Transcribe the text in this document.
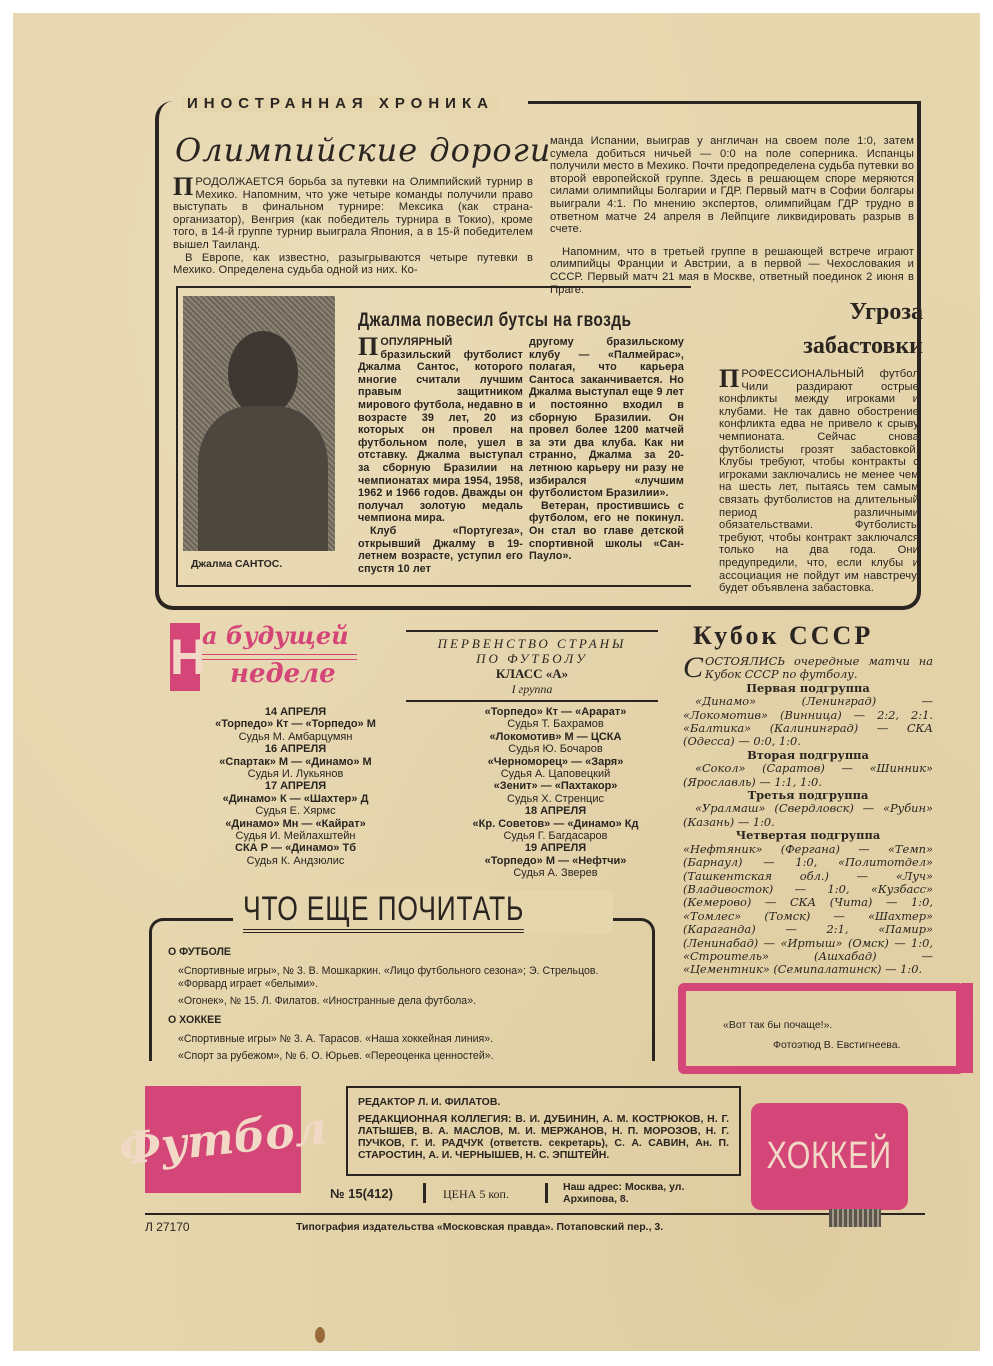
ИНОСТРАННАЯ ХРОНИКА
Олимпийские дороги
ПРОДОЛЖАЕТСЯ борьба за путевки на Олимпийский турнир в Мехико. Напомним, что уже четыре команды получили право выступать в финальном турнире: Мексика (как страна-организатор), Венгрия (как победитель турнира в Токио), кроме того, в 14-й группе турнир выиграла Япония, а в 15-й победителем вышел Таиланд.
В Европе, как известно, разыгрываются четыре путевки в Мехико. Определена судьба одной из них. Ко-
манда Испании, выиграв у англичан на своем поле 1:0, затем сумела добиться ничьей — 0:0 на поле соперника. Испанцы получили место в Мехико. Почти предопределена судьба путевки во второй европейской группе. Здесь в решающем споре меряются силами олимпийцы Болгарии и ГДР. Первый матч в Софии болгары выиграли 4:1. По мнению экспертов, олимпийцам ГДР трудно в ответном матче 24 апреля в Лейпциге ликвидировать разрыв в счете.
Напомним, что в третьей группе в решающей встрече играют олимпийцы Франции и Австрии, а в первой — Чехословакия и СССР. Первый матч 21 мая в Москве, ответный поединок 2 июня в Праге.
Джалма САНТОС.
Джалма повесил бутсы на гвоздь
ПОПУЛЯРНЫЙ бразильский футболист Джалма Сантос, которого многие считали лучшим правым защитником мирового футбола, недавно в возрасте 39 лет, 20 из которых он провел на футбольном поле, ушел в отставку. Джалма выступал за сборную Бразилии на чемпионатах мира 1954, 1958, 1962 и 1966 годов. Дважды он получал золотую медаль чемпиона мира.
Клуб «Португеза», открывший Джалму в 19-летнем возрасте, уступил его спустя 10 лет
другому бразильскому клубу — «Палмейрас», полагая, что карьера Сантоса заканчивается. Но Джалма выступал еще 9 лет и постоянно входил в сборную Бразилии. Он провел более 1200 матчей за эти два клуба. Как ни странно, Джалма за 20-летнюю карьеру ни разу не избирался «лучшим футболистом Бразилии».
Ветеран, простившись с футболом, его не покинул. Он стал во главе детской спортивной школы «Сан-Пауло».
Угроза
забастовки
ПРОФЕССИОНАЛЬНЫЙ футбол Чили раздирают острые конфликты между игроками и клубами. Не так давно обострение конфликта едва не привело к срыву чемпионата. Сейчас снова футболисты грозят забастовкой. Клубы требуют, чтобы контракты с игроками заключались не менее чем на шесть лет, пытаясь тем самым связать футболистов на длительный период различными обязательствами. Футболисты требуют, чтобы контракт заключался только на два года. Они предупредили, что, если клубы и ассоциация не пойдут им навстречу, будет объявлена забастовка.
Н
а будущей
неделе
ПЕРВЕНСТВО СТРАНЫ
ПО ФУТБОЛУ
КЛАСС «А»
I группа
14 АПРЕЛЯ
«Торпедо» Кт — «Торпедо» М
Судья М. Амбарцумян
16 АПРЕЛЯ
«Спартак» М — «Динамо» М
Судья И. Лукьянов
17 АПРЕЛЯ
«Динамо» К — «Шахтер» Д
Судья Е. Хярмс
«Динамо» Мн — «Кайрат»
Судья И. Мейлахштейн
СКА Р — «Динамо» Тб
Судья К. Андзюлис
«Торпедо» Кт — «Арарат»
Судья Т. Бахрамов
«Локомотив» М — ЦСКА
Судья Ю. Бочаров
«Черноморец» — «Заря»
Судья А. Цаповецкий
«Зенит» — «Пахтакор»
Судья Х. Стренцис
18 АПРЕЛЯ
«Кр. Советов» — «Динамо» Кд
Судья Г. Багдасаров
19 АПРЕЛЯ
«Торпедо» М — «Нефтчи»
Судья А. Зверев
Кубок СССР
СОСТОЯЛИСЬ очередные матчи на Кубок СССР по футболу.
Первая подгруппа
«Динамо» (Ленинград) — «Локомотив» (Винница) — 2:2, 2:1. «Балтика» (Калининград) — СКА (Одесса) — 0:0, 1:0.
Вторая подгруппа
«Сокол» (Саратов) — «Шинник» (Ярославль) — 1:1, 1:0.
Третья подгруппа
«Уралмаш» (Свердловск) — «Рубин» (Казань) — 1:0.
Четвертая подгруппа
«Нефтяник» (Фергана) — «Темп» (Барнаул) — 1:0, «Политотдел» (Ташкентская обл.) — «Луч» (Владивосток) — 1:0, «Кузбасс» (Кемерово) — СКА (Чита) — 1:0, «Томлес» (Томск) — «Шахтер» (Караганда) — 2:1, «Памир» (Ленинабад) — «Иртыш» (Омск) — 1:0, «Строитель» (Ашхабад) — «Цементник» (Семипалатинск) — 1:0.
ЧТО ЕЩЕ ПОЧИТАТЬ
О ФУТБОЛЕ
«Спортивные игры», № 3. В. Мошкаркин. «Лицо футбольного сезона»; Э. Стрельцов. «Форвард играет «белыми».
«Огонек», № 15. Л. Филатов. «Иностранные дела футбола».
О ХОККЕЕ
«Спортивные игры» № 3. А. Тарасов. «Наша хоккейная линия».
«Спорт за рубежом», № 6. О. Юрьев. «Переоценка ценностей».
«Вот так бы почаще!».
Фотоэтюд В. Евстигнеева.
Футбол	ХОККЕЙ
РЕДАКТОР Л. И. ФИЛАТОВ.
РЕДАКЦИОННАЯ КОЛЛЕГИЯ: В. И. ДУБИНИН, А. М. КОСТРЮКОВ, Н. Г. ЛАТЫШЕВ, В. А. МАСЛОВ, М. И. МЕРЖАНОВ, Н. П. МОРОЗОВ, Н. Г. ПУЧКОВ, Г. И. РАДЧУК (ответств. секретарь), С. А. САВИН, Ан. П. СТАРОСТИН, А. И. ЧЕРНЫШЕВ, Н. С. ЭПШТЕЙН.
№ 15(412)	ЦЕНА 5 коп.	Наш адрес: Москва, ул. Архипова, 8.
Л 27170	Типография издательства «Московская правда». Потаповский пер., 3.
